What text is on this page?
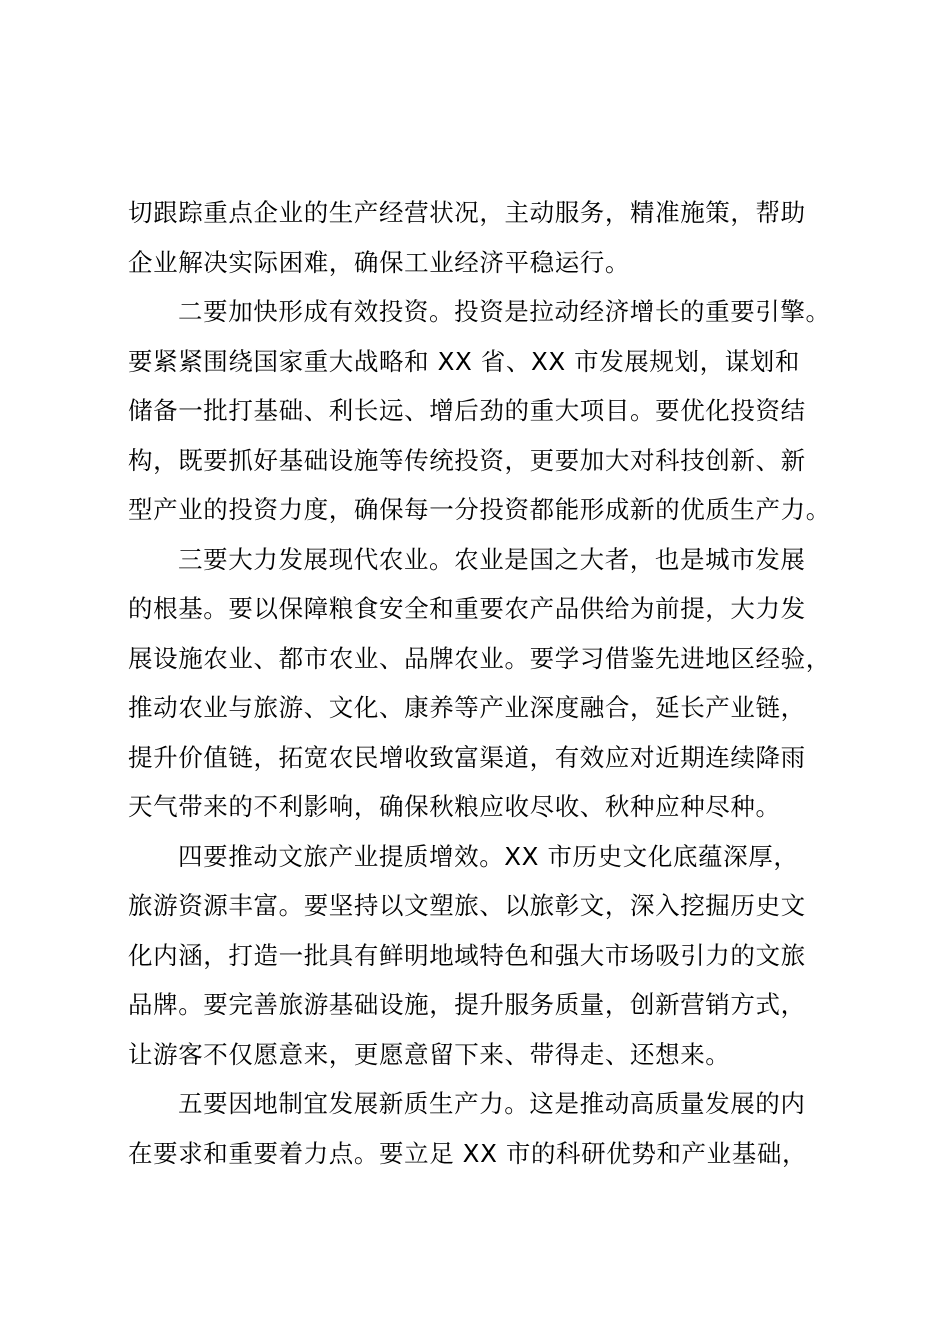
切跟踪重点企业的生产经营状况，主动服务，精准施策，帮助
企业解决实际困难，确保工业经济平稳运行。
二要加快形成有效投资。投资是拉动经济增长的重要引擎。
要紧紧围绕国家重大战略和 XX 省、XX 市发展规划，谋划和
储备一批打基础、利长远、增后劲的重大项目。要优化投资结
构，既要抓好基础设施等传统投资，更要加大对科技创新、新
型产业的投资力度，确保每一分投资都能形成新的优质生产力。
三要大力发展现代农业。农业是国之大者，也是城市发展
的根基。要以保障粮食安全和重要农产品供给为前提，大力发
展设施农业、都市农业、品牌农业。要学习借鉴先进地区经验，
推动农业与旅游、文化、康养等产业深度融合，延长产业链，
提升价值链，拓宽农民增收致富渠道，有效应对近期连续降雨
天气带来的不利影响，确保秋粮应收尽收、秋种应种尽种。
四要推动文旅产业提质增效。XX 市历史文化底蕴深厚，
旅游资源丰富。要坚持以文塑旅、以旅彰文，深入挖掘历史文
化内涵，打造一批具有鲜明地域特色和强大市场吸引力的文旅
品牌。要完善旅游基础设施，提升服务质量，创新营销方式，
让游客不仅愿意来，更愿意留下来、带得走、还想来。
五要因地制宜发展新质生产力。这是推动高质量发展的内
在要求和重要着力点。要立足 XX 市的科研优势和产业基础，
